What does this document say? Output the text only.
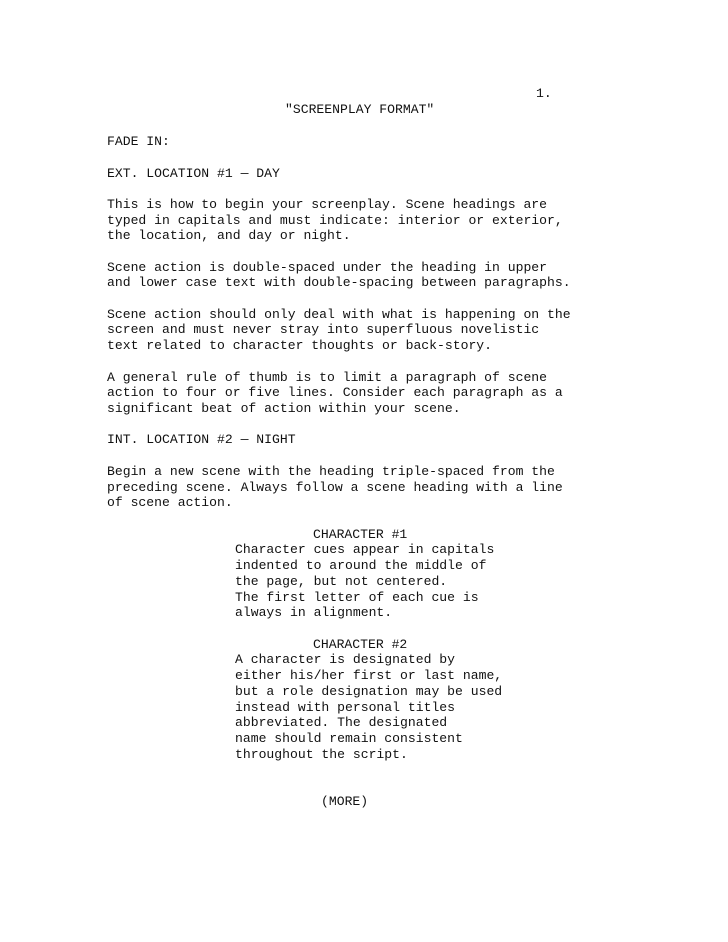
1.
"SCREENPLAY FORMAT"
FADE IN:
EXT. LOCATION #1 — DAY
This is how to begin your screenplay. Scene headings are
typed in capitals and must indicate: interior or exterior,
the location, and day or night.
Scene action is double-spaced under the heading in upper
and lower case text with double-spacing between paragraphs.
Scene action should only deal with what is happening on the
screen and must never stray into superfluous novelistic
text related to character thoughts or back-story.
A general rule of thumb is to limit a paragraph of scene
action to four or five lines. Consider each paragraph as a
significant beat of action within your scene.
INT. LOCATION #2 — NIGHT
Begin a new scene with the heading triple-spaced from the
preceding scene. Always follow a scene heading with a line
of scene action.
CHARACTER #1
Character cues appear in capitals
indented to around the middle of
the page, but not centered.
The first letter of each cue is
always in alignment.
CHARACTER #2
A character is designated by
either his/her first or last name,
but a role designation may be used
instead with personal titles
abbreviated. The designated
name should remain consistent
throughout the script.
(MORE)
